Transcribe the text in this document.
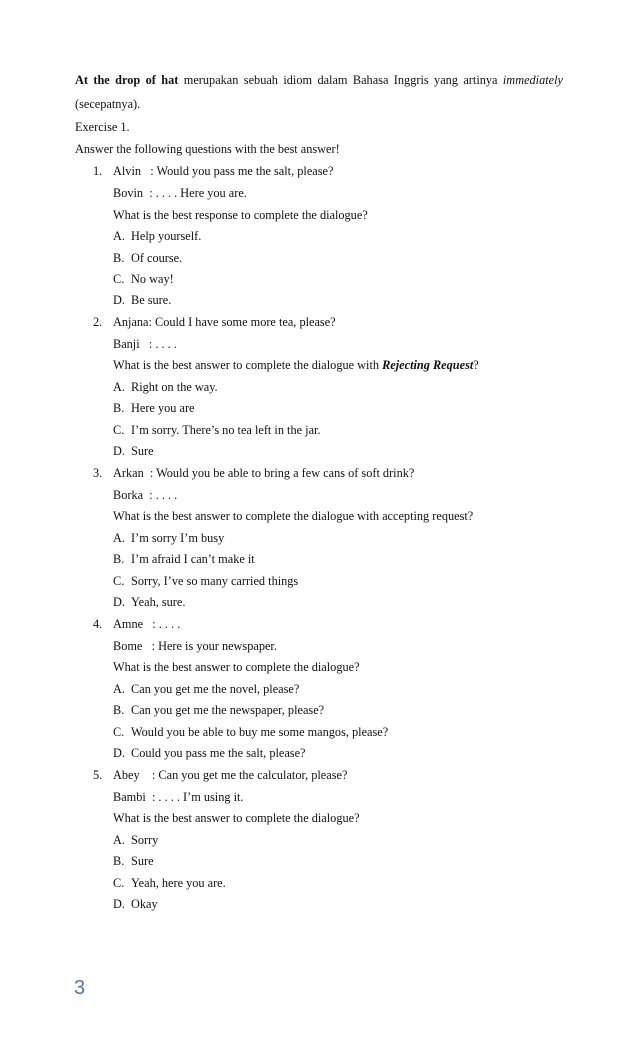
At the drop of hat merupakan sebuah idiom dalam Bahasa Inggris yang artinya immediately
(secepatnya).
Exercise 1.
Answer the following questions with the best answer!
1. Alvin   : Would you pass me the salt, please?
Bovin  : . . . . Here you are.
What is the best response to complete the dialogue?
A. Help yourself.
B. Of course.
C. No way!
D. Be sure.
2. Anjana: Could I have some more tea, please?
Banji   : . . . .
What is the best answer to complete the dialogue with Rejecting Request?
A. Right on the way.
B. Here you are
C. I’m sorry. There’s no tea left in the jar.
D. Sure
3. Arkan  : Would you be able to bring a few cans of soft drink?
Borka  : . . . .
What is the best answer to complete the dialogue with accepting request?
A. I’m sorry I’m busy
B. I’m afraid I can’t make it
C. Sorry, I’ve so many carried things
D. Yeah, sure.
4. Amne   : . . . .
Bome   : Here is your newspaper.
What is the best answer to complete the dialogue?
A. Can you get me the novel, please?
B. Can you get me the newspaper, please?
C. Would you be able to buy me some mangos, please?
D. Could you pass me the salt, please?
5. Abey    : Can you get me the calculator, please?
Bambi  : . . . . I’m using it.
What is the best answer to complete the dialogue?
A. Sorry
B. Sure
C. Yeah, here you are.
D. Okay
3
